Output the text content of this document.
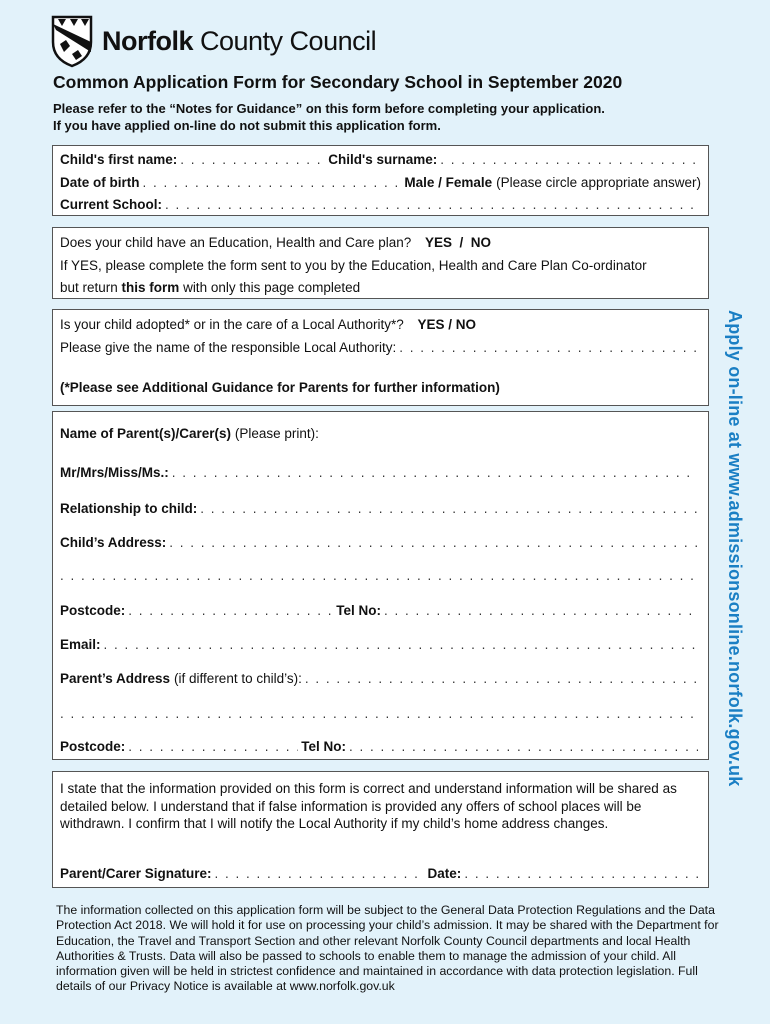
Norfolk County Council
Common Application Form for Secondary School in September 2020
Please refer to the “Notes for Guidance” on this form before completing your application.
If you have applied on-line do not submit this application form.
Child's first name: . . .	Child's surname:
. . .
Date of birth . . .	Male / Female (Please circle appropriate answer)
Current School:
. . .
Does your child have an Education, Health and Care plan? YES  /  NO
If YES, please complete the form sent to you by the Education, Health and Care Plan Co-ordinator
but return this form with only this page completed
Is your child adopted* or in the care of a Local Authority*? YES / NO
Please give the name of the responsible Local Authority:
. . .
(*Please see Additional Guidance for Parents for further information)
Name of Parent(s)/Carer(s) (Please print):
Mr/Mrs/Miss/Ms.:
. . .
Relationship to child:
. . .
Child’s Address:
. . .
. . .
Postcode: . . .	Tel No:
. . .
Email:
. . .
Parent’s Address (if different to child’s):
. . .
. . .
Postcode: . . .	Tel No:
. . .
I state that the information provided on this form is correct and understand information will be shared as detailed below. I understand that if false information is provided any offers of school places will be withdrawn. I confirm that I will notify the Local Authority if my child’s home address changes.
Parent/Carer Signature: . . .	Date:
. . .
Apply on-line at www.admissionsonline.norfolk.gov.uk
The information collected on this application form will be subject to the General Data Protection Regulations and the Data Protection Act 2018. We will hold it for use on processing your child’s admission. It may be shared with the Department for Education, the Travel and Transport Section and other relevant Norfolk County Council departments and local Health Authorities & Trusts. Data will also be passed to schools to enable them to manage the admission of your child. All information given will be held in strictest confidence and maintained in accordance with data protection legislation. Full details of our Privacy Notice is available at www.norfolk.gov.uk
